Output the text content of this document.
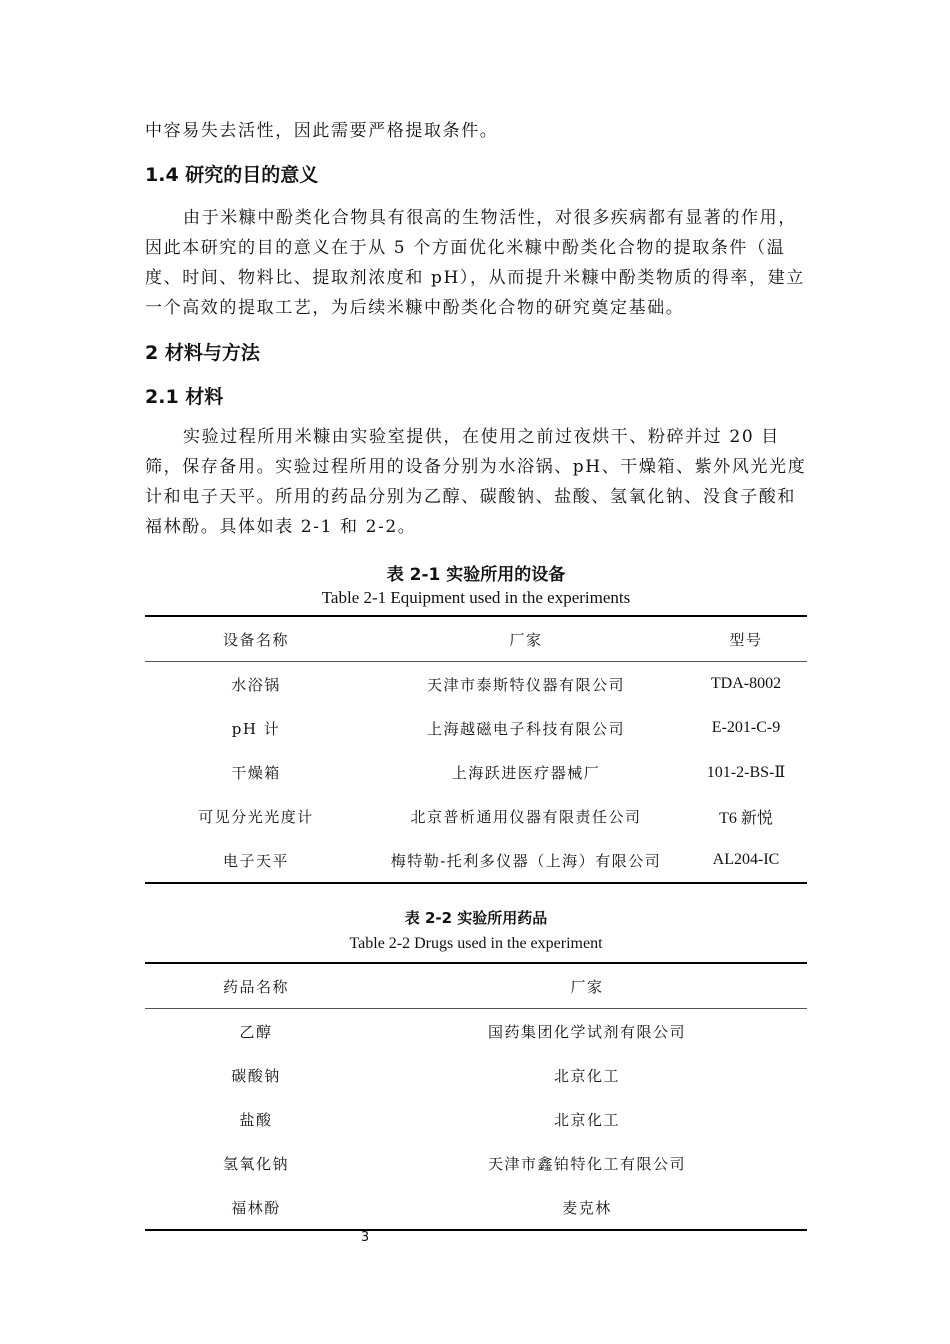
中容易失去活性，因此需要严格提取条件。

1.4 研究的目的意义

由于米糠中酚类化合物具有很高的生物活性，对很多疾病都有显著的作用，因此本研究的目的意义在于从 5 个方面优化米糠中酚类化合物的提取条件（温度、时间、物料比、提取剂浓度和 pH），从而提升米糠中酚类物质的得率，建立一个高效的提取工艺，为后续米糠中酚类化合物的研究奠定基础。

2 材料与方法
2.1 材料

实验过程所用米糠由实验室提供，在使用之前过夜烘干、粉碎并过 20 目筛，保存备用。实验过程所用的设备分别为水浴锅、pH、干燥箱、紫外风光光度计和电子天平。所用的药品分别为乙醇、碳酸钠、盐酸、氢氧化钠、没食子酸和福林酚。具体如表 2-1 和 2-2。

表 2-1 实验所用的设备

Table 2-1 Equipment used in the experiments

设备名称	厂家	型号
水浴锅	天津市泰斯特仪器有限公司	TDA-8002
pH 计	上海越磁电子科技有限公司	E-201-C-9
干燥箱	上海跃进医疗器械厂	101-2-BS-Ⅱ
可见分光光度计	北京普析通用仪器有限责任公司	T6 新悦
电子天平	梅特勒-托利多仪器（上海）有限公司	AL204-IC

表 2-2 实验所用药品

Table 2-2 Drugs used in the experiment

药品名称	厂家
乙醇	国药集团化学试剂有限公司
碳酸钠	北京化工
盐酸	北京化工
氢氧化钠	天津市鑫铂特化工有限公司
福林酚	麦克林

3
